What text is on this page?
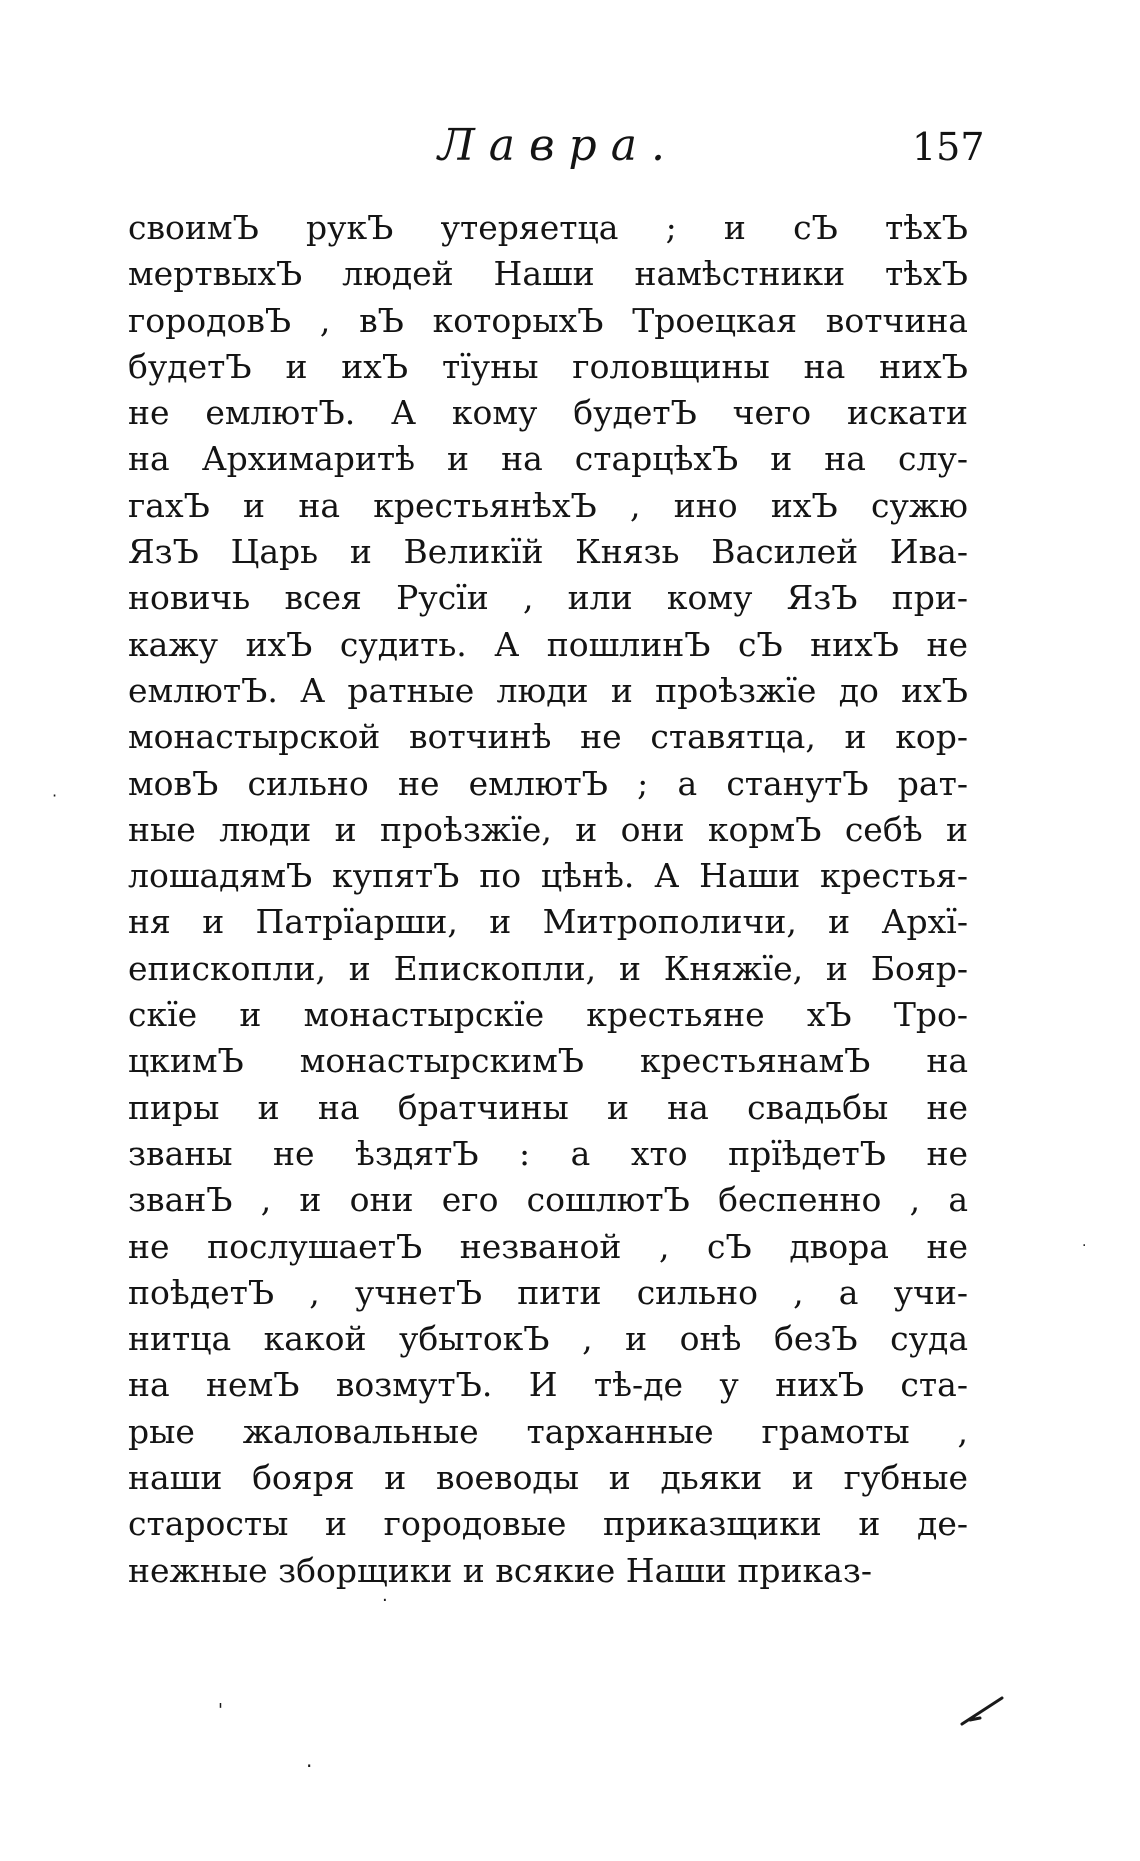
Лавра.	157
своимЪ рукЪ утеряетца ; и сЪ тѣхЪ
мертвыхЪ людей Наши намѣстники тѣхЪ
городовЪ , вЪ которыхЪ Троецкая вотчина
будетЪ и ихЪ тїуны головщины на нихЪ
не емлютЪ. А кому будетЪ чего искати
на Архимаритѣ и на старцѣхЪ и на слу-
гахЪ и на крестьянѣхЪ , ино ихЪ сужю
ЯзЪ Царь и Великїй Князь Василей Ива-
новичь всея Русїи , или кому ЯзЪ при-
кажу ихЪ судить. А пошлинЪ сЪ нихЪ не
емлютЪ. А ратные люди и проѣзжїе до ихЪ
монастырской вотчинѣ не ставятца, и кор-
мовЪ сильно не емлютЪ ; а станутЪ рат-
ные люди и проѣзжїе, и они кормЪ себѣ и
лошадямЪ купятЪ по цѣнѣ. А Наши крестья-
ня и Патрїарши, и Митрополичи, и Архї-
епископли, и Епископли, и Княжїе, и Бояр-
скїе и монастырскїе крестьяне хЪ Тро-
цкимЪ монастырскимЪ крестьянамЪ на
пиры и на братчины и на свадьбы не
званы не ѣздятЪ : а хто прїѣдетЪ не
званЪ , и они его сошлютЪ беспенно , а
не послушаетЪ незваной , сЪ двора не
поѣдетЪ , учнетЪ пити сильно , а учи-
нитца какой убытокЪ , и онѣ безЪ суда
на немЪ возмутЪ. И тѣ-де у нихЪ ста-
рые жаловальные тарханные грамоты ,
наши бояря и воеводы и дьяки и губные
старосты и городовые приказщики и де-
нежные зборщики и всякие Наши приказ-
·
·
·
'
·
